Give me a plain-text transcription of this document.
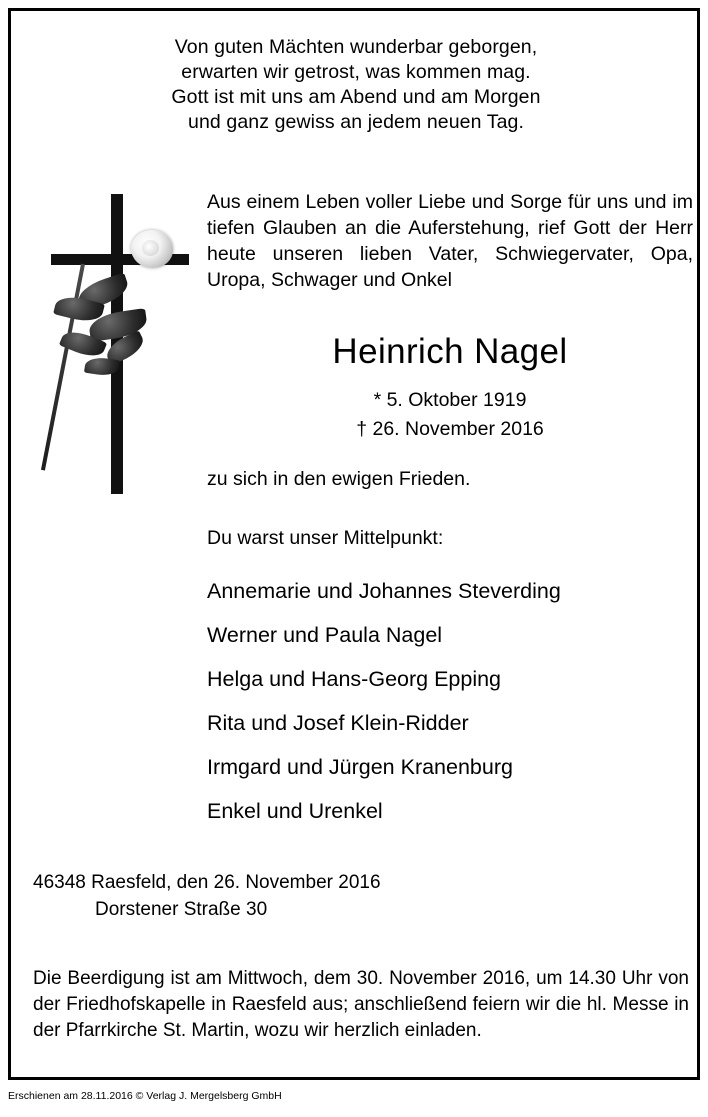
Von guten Mächten wunderbar geborgen,
erwarten wir getrost, was kommen mag.
Gott ist mit uns am Abend und am Morgen
und ganz gewiss an jedem neuen Tag.
Aus einem Leben voller Liebe und Sorge für uns und im tiefen Glauben an die Auferstehung, rief Gott der Herr heute unseren lieben Vater, Schwiegervater, Opa, Uropa, Schwager und Onkel
Heinrich Nagel
* 5. Oktober 1919
† 26. November 2016
zu sich in den ewigen Frieden.
Du warst unser Mittelpunkt:
Annemarie und Johannes Steverding
Werner und Paula Nagel
Helga und Hans-Georg Epping
Rita und Josef Klein-Ridder
Irmgard und Jürgen Kranenburg
Enkel und Urenkel
46348 Raesfeld, den 26. November 2016
Dorstener Straße 30
Die Beerdigung ist am Mittwoch, dem 30. November 2016, um 14.30 Uhr von der Friedhofskapelle in Raesfeld aus; anschließend feiern wir die hl. Messe in der Pfarrkirche St. Martin, wozu wir herzlich einladen.
Erschienen am 28.11.2016 © Verlag J. Mergelsberg GmbH
